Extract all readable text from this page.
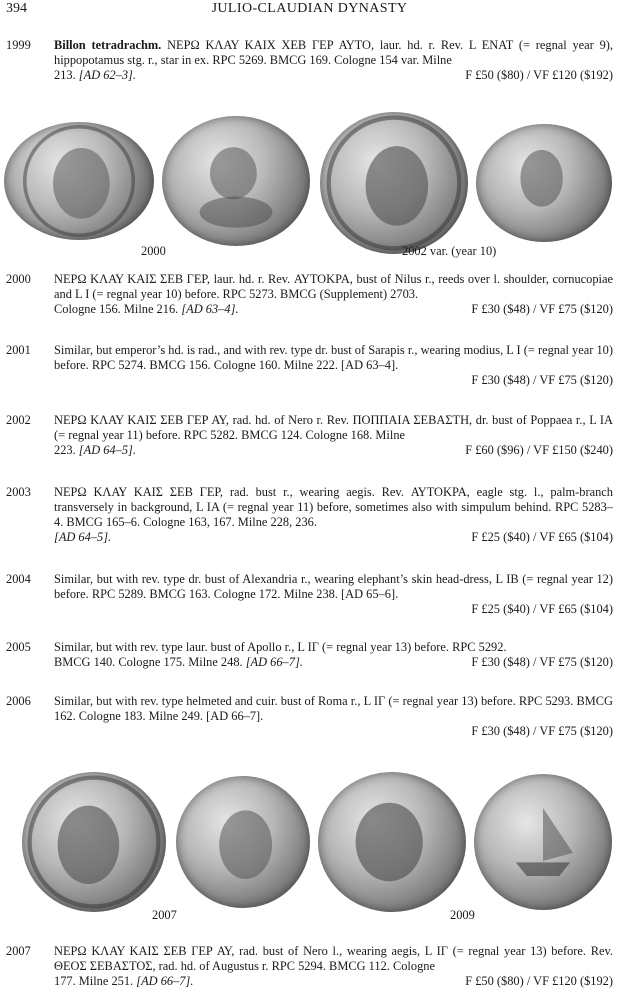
394	JULIO-CLAUDIAN DYNASTY
1999	Billon tetradrachm. ΝΕΡΩ ΚΛΑΥ ΚΑΙΧ ΧΕΒ ΓΕΡ ΑΥΤΟ, laur. hd. r. Rev. L ENAT (= regnal year 9), hippopotamus stg. r., star in ex. RPC 5269. BMCG 169. Cologne 154 var. Milne
213. [AD 62–3].	F £50 ($80) / VF £120 ($192)
2000	2002 var. (year 10)
2000	ΝΕΡΩ ΚΛΑΥ ΚΑΙΣ ΣΕΒ ΓΕΡ, laur. hd. r. Rev. ΑΥΤΟΚΡΑ, bust of Nilus r., reeds over l. shoulder, cornucopiae and L I (= regnal year 10) before. RPC 5273. BMCG (Supplement) 2703.
Cologne 156. Milne 216. [AD 63–4].	F £30 ($48) / VF £75 ($120)
2001	Similar, but emperor’s hd. is rad., and with rev. type dr. bust of Sarapis r., wearing modius, L I (= regnal year 10) before. RPC 5274. BMCG 156. Cologne 160. Milne 222. [AD 63–4].
F £30 ($48) / VF £75 ($120)
2002	ΝΕΡΩ ΚΛΑΥ ΚΑΙΣ ΣΕΒ ΓΕΡ ΑΥ, rad. hd. of Nero r. Rev. ΠΟΠΠΑΙΑ ΣΕΒΑΣΤΗ, dr. bust of Poppaea r., L IA (= regnal year 11) before. RPC 5282. BMCG 124. Cologne 168. Milne
223. [AD 64–5].	F £60 ($96) / VF £150 ($240)
2003	ΝΕΡΩ ΚΛΑΥ ΚΑΙΣ ΣΕΒ ΓΕΡ, rad. bust r., wearing aegis. Rev. ΑΥΤΟΚΡΑ, eagle stg. l., palm-branch transversely in background, L IA (= regnal year 11) before, sometimes also with simpulum behind. RPC 5283–4. BMCG 165–6. Cologne 163, 167. Milne 228, 236.
[AD 64–5].	F £25 ($40) / VF £65 ($104)
2004	Similar, but with rev. type dr. bust of Alexandria r., wearing elephant’s skin head-dress, L IB (= regnal year 12) before. RPC 5289. BMCG 163. Cologne 172. Milne 238. [AD 65–6].
F £25 ($40) / VF £65 ($104)
2005	Similar, but with rev. type laur. bust of Apollo r., L IΓ (= regnal year 13) before. RPC 5292.
BMCG 140. Cologne 175. Milne 248. [AD 66–7].	F £30 ($48) / VF £75 ($120)
2006	Similar, but with rev. type helmeted and cuir. bust of Roma r., L IΓ (= regnal year 13) before. RPC 5293. BMCG 162. Cologne 183. Milne 249. [AD 66–7].
F £30 ($48) / VF £75 ($120)
2007	2009
2007	ΝΕΡΩ ΚΛΑΥ ΚΑΙΣ ΣΕΒ ΓΕΡ ΑΥ, rad. bust of Nero l., wearing aegis, L IΓ (= regnal year 13) before. Rev. ΘΕΟΣ ΣΕΒΑΣΤΟΣ, rad. hd. of Augustus r. RPC 5294. BMCG 112. Cologne
177. Milne 251. [AD 66–7].	F £50 ($80) / VF £120 ($192)
